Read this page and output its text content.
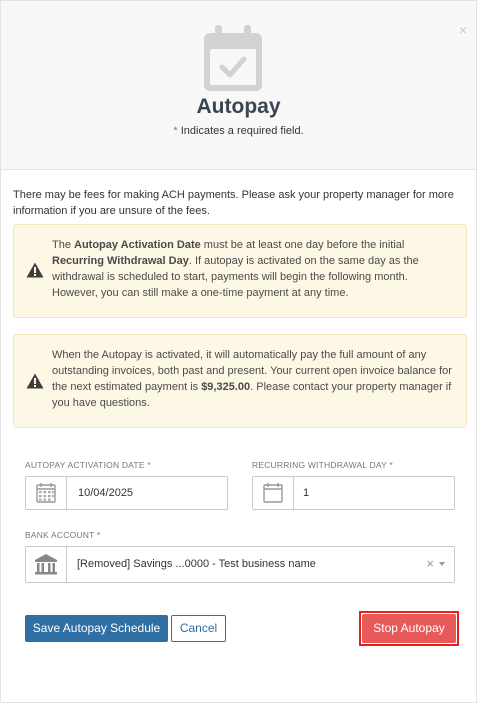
×
Autopay
* Indicates a required field.
There may be fees for making ACH payments. Please ask your property manager for more information if you are unsure of the fees.
The Autopay Activation Date must be at least one day before the initial Recurring Withdrawal Day. If autopay is activated on the same day as the withdrawal is scheduled to start, payments will begin the following month. However, you can still make a one-time payment at any time.
When the Autopay is activated, it will automatically pay the full amount of any outstanding invoices, both past and present. Your current open invoice balance for the next estimated payment is $9,325.00. Please contact your property manager if you have questions.
AUTOPAY ACTIVATION DATE *
10/04/2025
RECURRING WITHDRAWAL DAY *
1
BANK ACCOUNT *
[Removed] Savings ...0000 - Test business name	×
Save Autopay Schedule	Cancel	Stop Autopay
